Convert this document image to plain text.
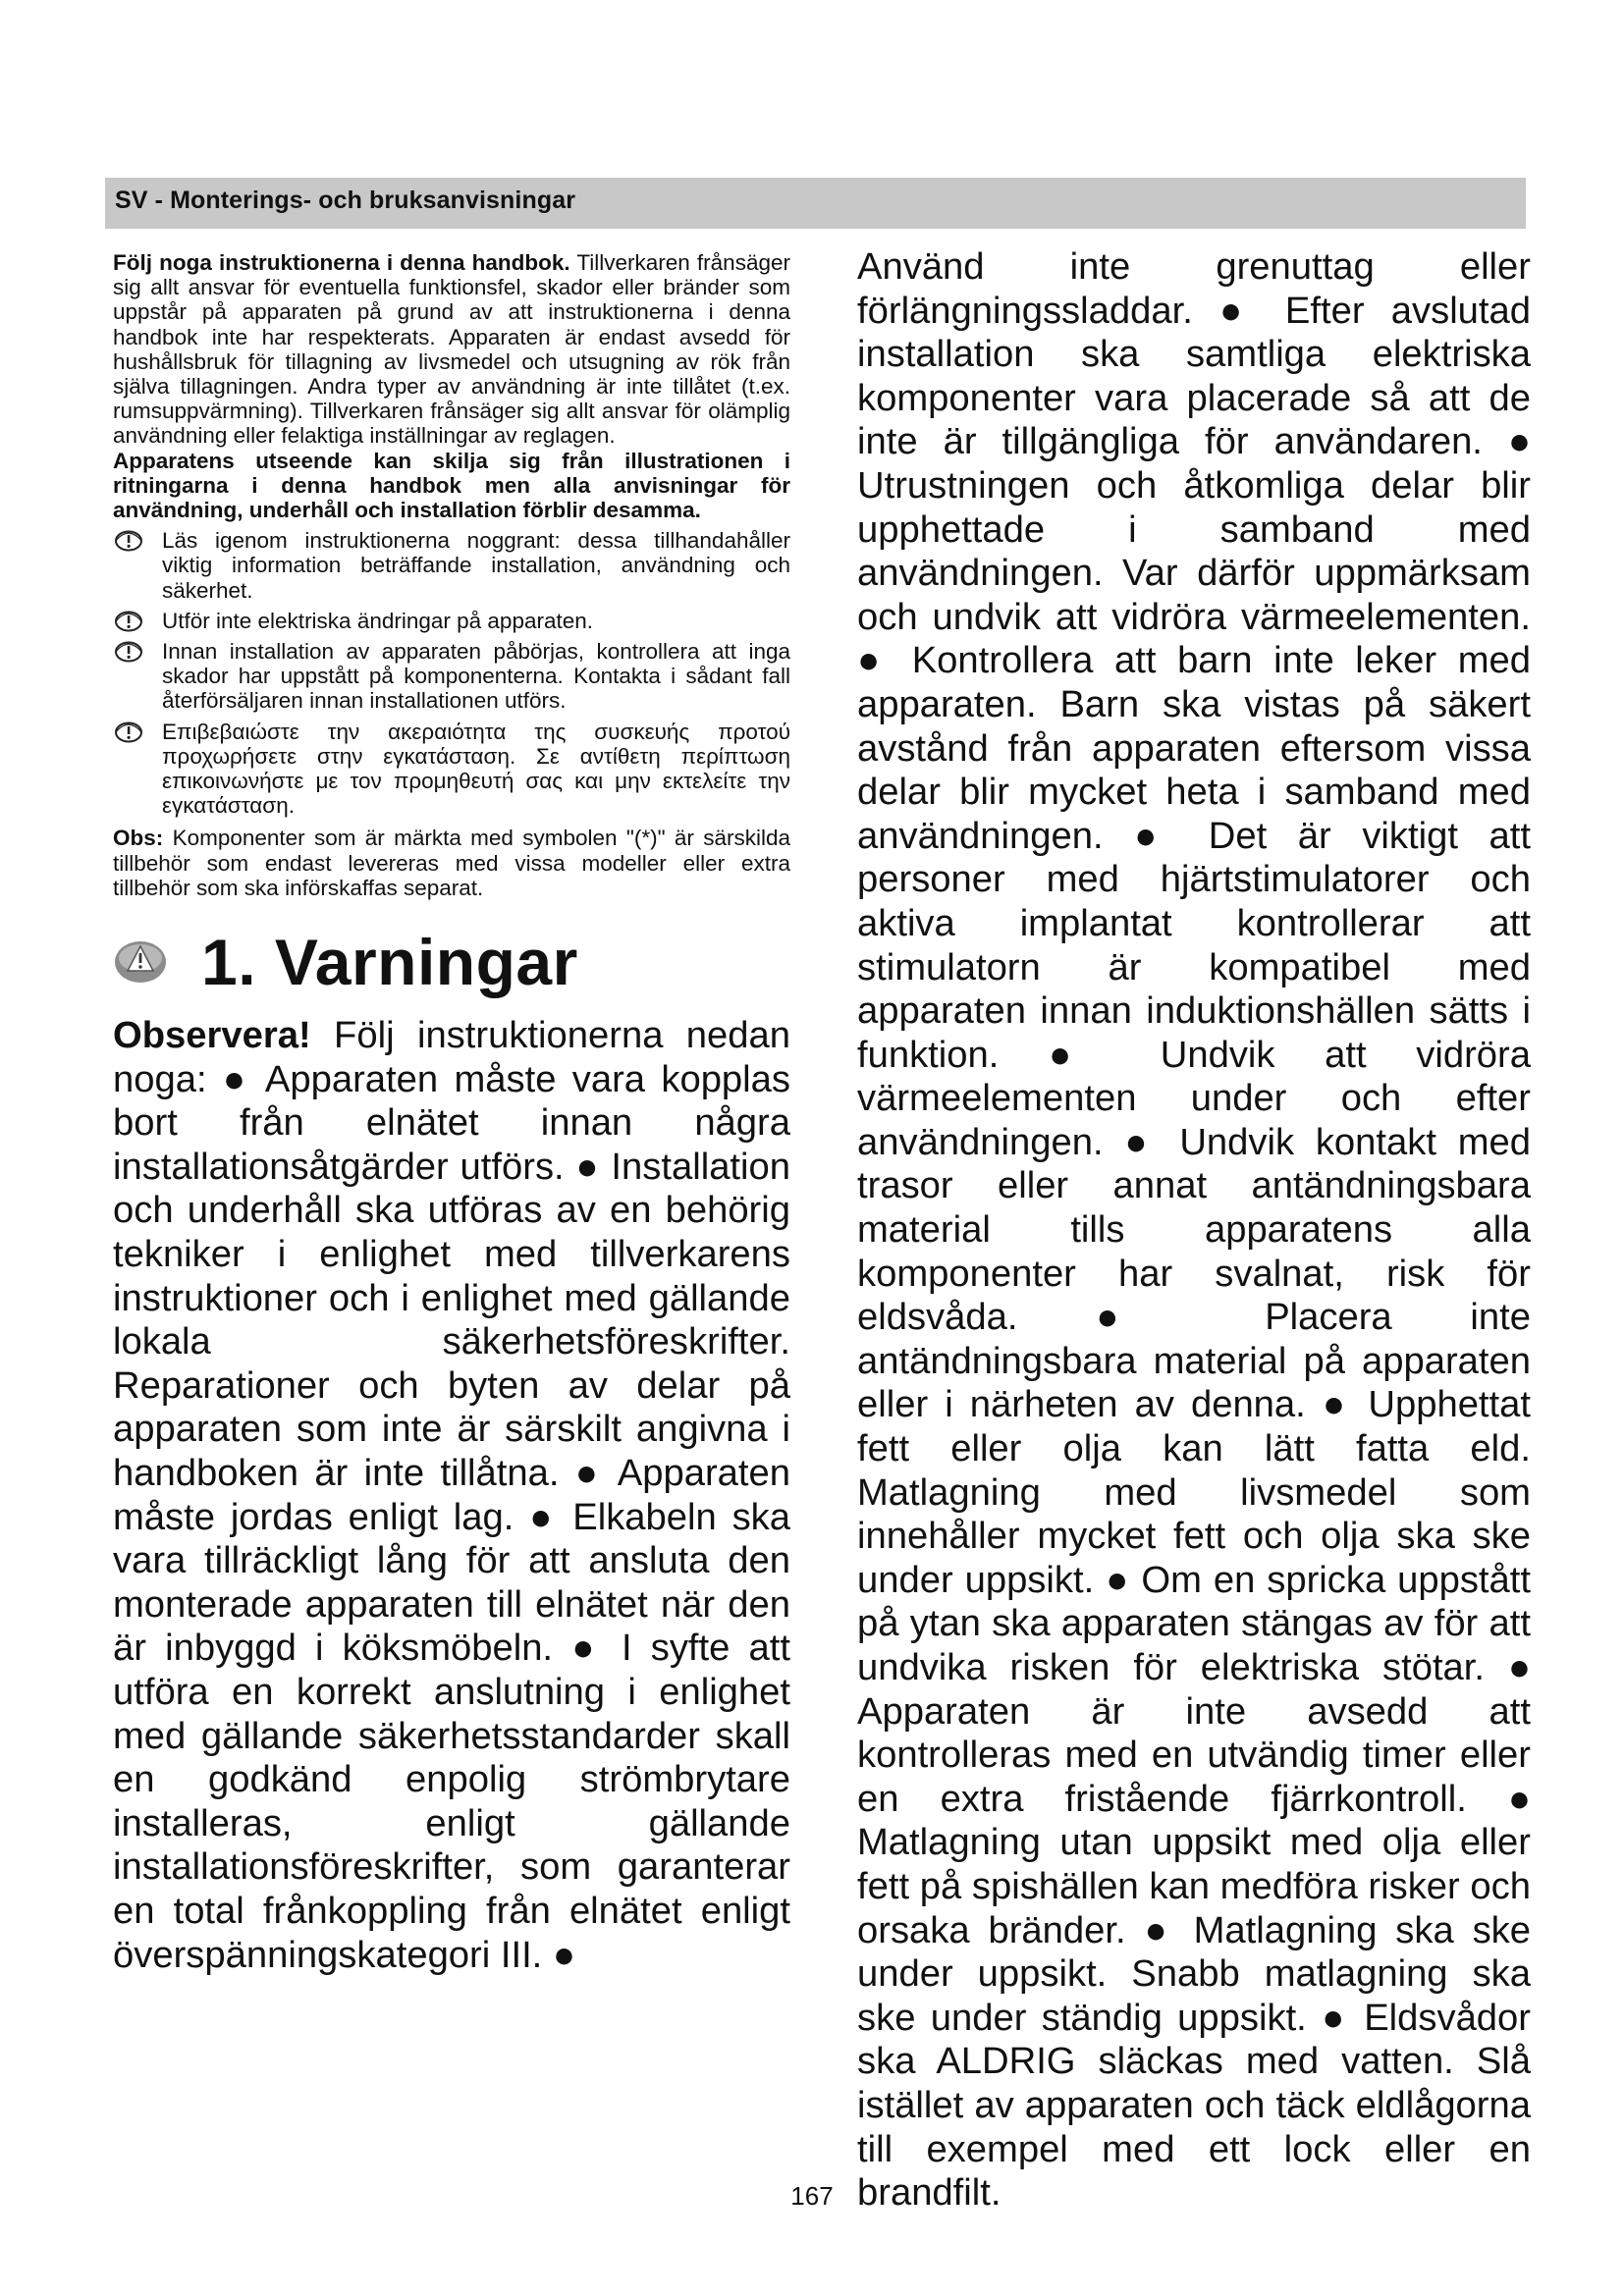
SV - Monterings- och bruksanvisningar

Följ noga instruktionerna i denna handbok. Tillverkaren frånsäger sig allt ansvar för eventuella funktionsfel, skador eller bränder som uppstår på apparaten på grund av att instruktionerna i denna handbok inte har respekterats. Apparaten är endast avsedd för hushållsbruk för tillagning av livsmedel och utsugning av rök från själva tillagningen. Andra typer av användning är inte tillåtet (t.ex. rumsuppvärmning). Tillverkaren frånsäger sig allt ansvar för olämplig användning eller felaktiga inställningar av reglagen.

Apparatens utseende kan skilja sig från illustrationen i ritningarna i denna handbok men alla anvisningar för användning, underhåll och installation förblir desamma.

Läs igenom instruktionerna noggrant: dessa tillhandahåller viktig information beträffande installation, användning och säkerhet.

Utför inte elektriska ändringar på apparaten.

Innan installation av apparaten påbörjas, kontrollera att inga skador har uppstått på komponenterna. Kontakta i sådant fall återförsäljaren innan installationen utförs.

Επιβεβαιώστε την ακεραιότητα της συσκευής προτού προχωρήσετε στην εγκατάσταση. Σε αντίθετη περίπτωση επικοινωνήστε με τον προμηθευτή σας και μην εκτελείτε την εγκατάσταση.

Obs: Komponenter som är märkta med symbolen "(*)" är särskilda tillbehör som endast levereras med vissa modeller eller extra tillbehör som ska införskaffas separat.

1. Varningar

Observera! Följ instruktionerna nedan noga: ● Apparaten måste vara kopplas bort från elnätet innan några installationsåtgärder utförs. ● Installation och underhåll ska utföras av en behörig tekniker i enlighet med tillverkarens instruktioner och i enlighet med gällande lokala säkerhetsföreskrifter. Reparationer och byten av delar på apparaten som inte är särskilt angivna i handboken är inte tillåtna. ● Apparaten måste jordas enligt lag. ● Elkabeln ska vara tillräckligt lång för att ansluta den monterade apparaten till elnätet när den är inbyggd i köksmöbeln. ● I syfte att utföra en korrekt anslutning i enlighet med gällande säkerhetsstandarder skall en godkänd enpolig strömbrytare installeras, enligt gällande installationsföreskrifter, som garanterar en total frånkoppling från elnätet enligt överspänningskategori III. ●

Använd inte grenuttag eller förlängningssladdar. ● Efter avslutad installation ska samtliga elektriska komponenter vara placerade så att de inte är tillgängliga för användaren. ● Utrustningen och åtkomliga delar blir upphettade i samband med användningen. Var därför uppmärksam och undvik att vidröra värmeelementen. ● Kontrollera att barn inte leker med apparaten. Barn ska vistas på säkert avstånd från apparaten eftersom vissa delar blir mycket heta i samband med användningen. ● Det är viktigt att personer med hjärtstimulatorer och aktiva implantat kontrollerar att stimulatorn är kompatibel med apparaten innan induktionshällen sätts i funktion. ● Undvik att vidröra värmeelementen under och efter användningen. ● Undvik kontakt med trasor eller annat antändningsbara material tills apparatens alla komponenter har svalnat, risk för eldsvåda. ● Placera inte antändningsbara material på apparaten eller i närheten av denna. ● Upphettat fett eller olja kan lätt fatta eld. Matlagning med livsmedel som innehåller mycket fett och olja ska ske under uppsikt. ● Om en spricka uppstått på ytan ska apparaten stängas av för att undvika risken för elektriska stötar. ● Apparaten är inte avsedd att kontrolleras med en utvändig timer eller en extra fristående fjärrkontroll. ● Matlagning utan uppsikt med olja eller fett på spishällen kan medföra risker och orsaka bränder. ● Matlagning ska ske under uppsikt. Snabb matlagning ska ske under ständig uppsikt. ● Eldsvådor ska ALDRIG släckas med vatten. Slå istället av apparaten och täck eldlågorna till exempel med ett lock eller en brandfilt.

167
